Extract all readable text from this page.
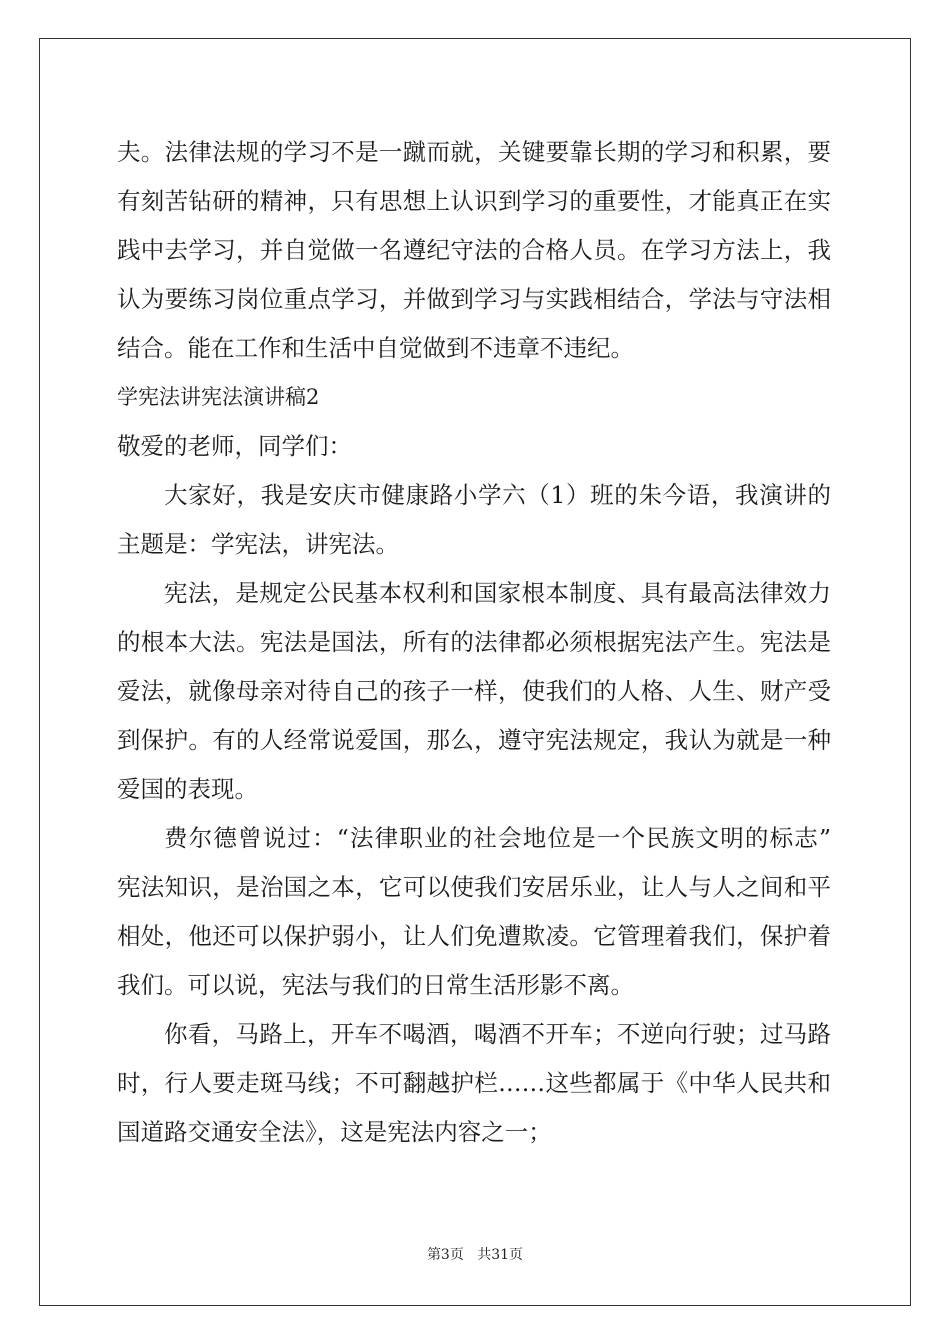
夫。法律法规的学习不是一蹴而就，关键要靠长期的学习和积累，要
有刻苦钻研的精神，只有思想上认识到学习的重要性，才能真正在实
践中去学习，并自觉做一名遵纪守法的合格人员。在学习方法上，我
认为要练习岗位重点学习，并做到学习与实践相结合，学法与守法相
结合。能在工作和生活中自觉做到不违章不违纪。
学宪法讲宪法演讲稿2
敬爱的老师，同学们：
大家好，我是安庆市健康路小学六（1）班的朱今语，我演讲的
主题是：学宪法，讲宪法。
宪法，是规定公民基本权利和国家根本制度、具有最高法律效力
的根本大法。宪法是国法，所有的法律都必须根据宪法产生。宪法是
爱法，就像母亲对待自己的孩子一样，使我们的人格、人生、财产受
到保护。有的人经常说爱国，那么，遵守宪法规定，我认为就是一种
爱国的表现。
费尔德曾说过：“法律职业的社会地位是一个民族文明的标志”
宪法知识，是治国之本，它可以使我们安居乐业，让人与人之间和平
相处，他还可以保护弱小，让人们免遭欺凌。它管理着我们，保护着
我们。可以说，宪法与我们的日常生活形影不离。
你看，马路上，开车不喝酒，喝酒不开车；不逆向行驶；过马路
时，行人要走斑马线；不可翻越护栏……这些都属于《中华人民共和
国道路交通安全法》，这是宪法内容之一；
第3页 共31页
